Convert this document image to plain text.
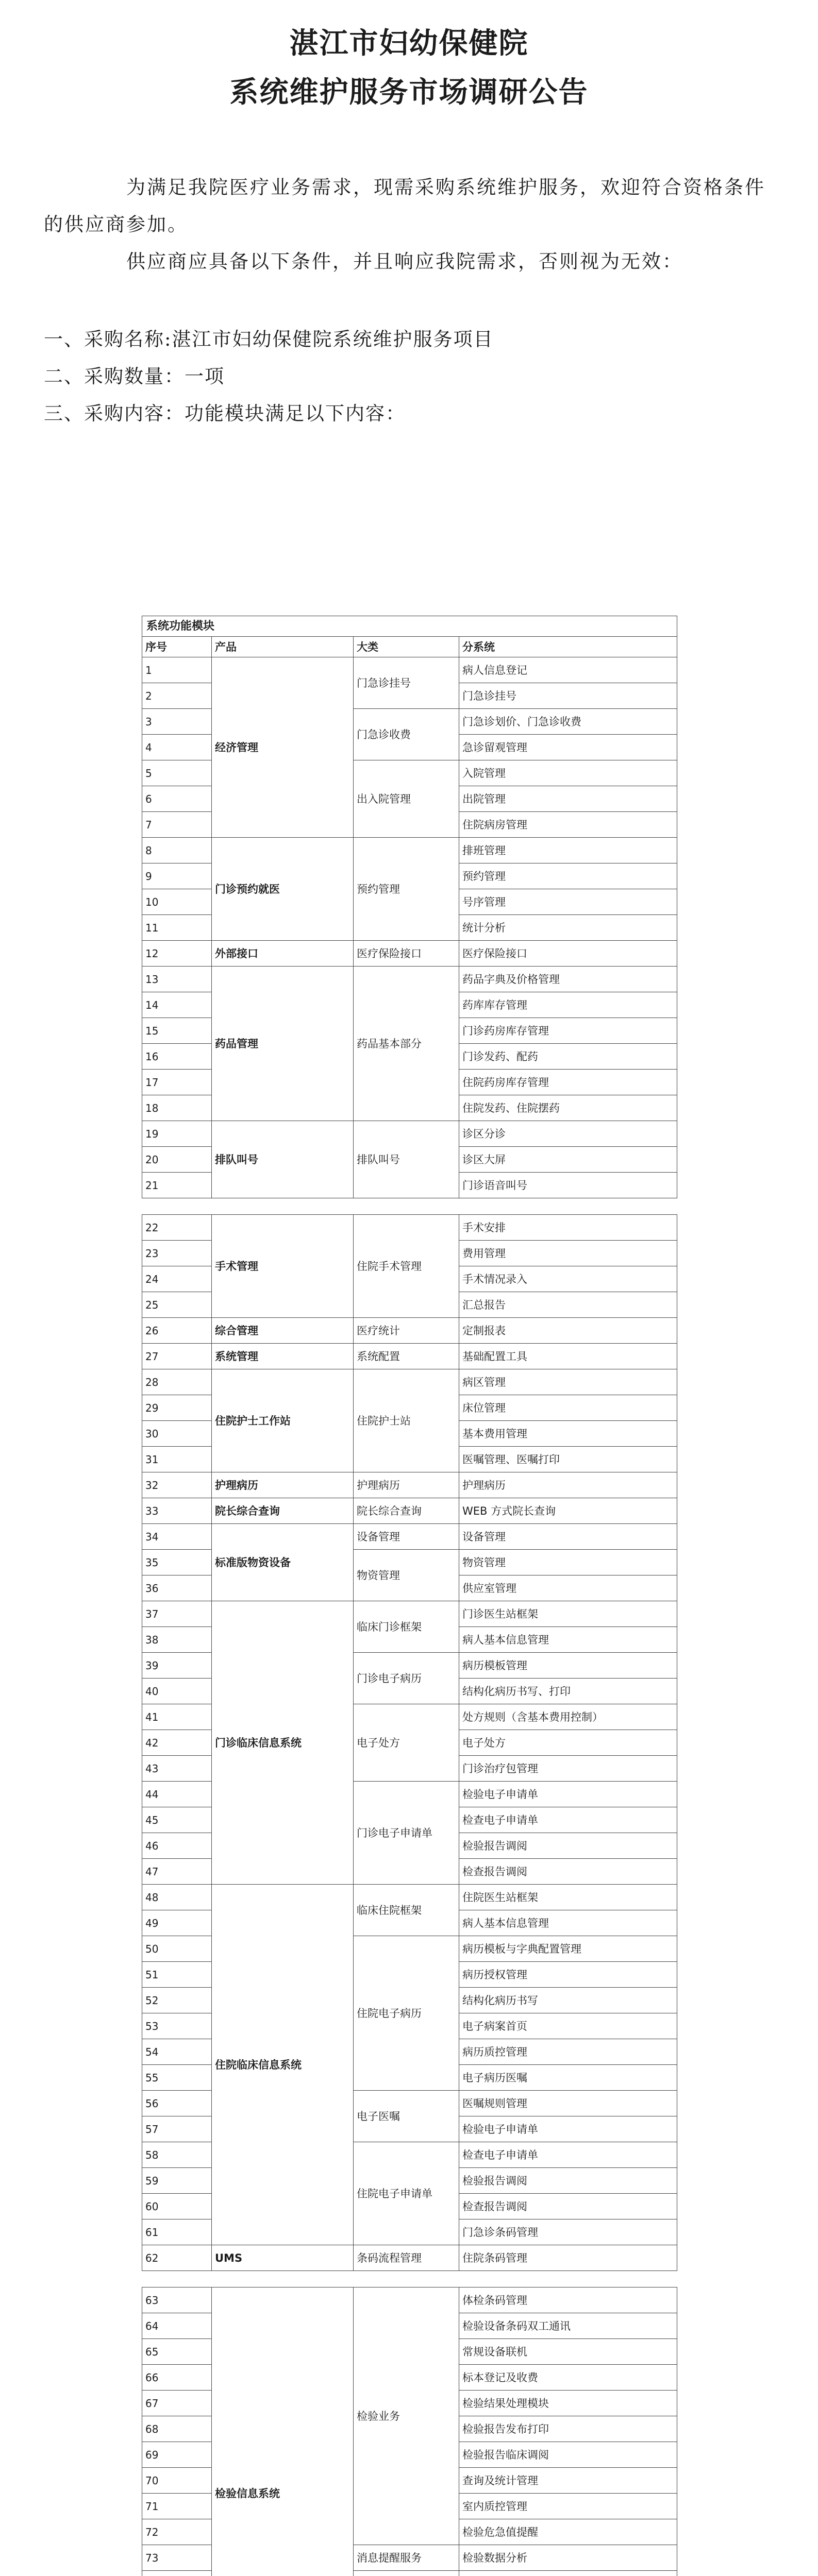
湛江市妇幼保健院
系统维护服务市场调研公告

为满足我院医疗业务需求，现需采购系统维护服务，欢迎符合资格条件的供应商参加。

供应商应具备以下条件，并且响应我院需求，否则视为无效：

一、采购名称:湛江市妇幼保健院系统维护服务项目
二、采购数量：一项
三、采购内容：功能模块满足以下内容：
系统功能模块			
序号	产品	大类	分系统
1	经济管理	门急诊挂号	病人信息登记
2			门急诊挂号
3		门急诊收费	门急诊划价、门急诊收费
4			急诊留观管理
5		出入院管理	入院管理
6			出院管理
7			住院病房管理
8	门诊预约就医	预约管理	排班管理
9			预约管理
10			号序管理
11			统计分析
12	外部接口	医疗保险接口	医疗保险接口
13	药品管理	药品基本部分	药品字典及价格管理
14			药库库存管理
15			门诊药房库存管理
16			门诊发药、配药
17			住院药房库存管理
18			住院发药、住院摆药
19	排队叫号	排队叫号	诊区分诊
20			诊区大屏
21			门诊语音叫号

22	手术管理	住院手术管理	手术安排
23			费用管理
24			手术情况录入
25			汇总报告
26	综合管理	医疗统计	定制报表
27	系统管理	系统配置	基础配置工具
28	住院护士工作站	住院护士站	病区管理
29			床位管理
30			基本费用管理
31			医嘱管理、医嘱打印
32	护理病历	护理病历	护理病历
33	院长综合查询	院长综合查询	WEB 方式院长查询
34	标准版物资设备	设备管理	设备管理
35		物资管理	物资管理
36			供应室管理
37	门诊临床信息系统	临床门诊框架	门诊医生站框架
38			病人基本信息管理
39		门诊电子病历	病历模板管理
40			结构化病历书写、打印
41		电子处方	处方规则（含基本费用控制）
42			电子处方
43			门诊治疗包管理
44		门诊电子申请单	检验电子申请单
45			检查电子申请单
46			检验报告调阅
47			检查报告调阅
48	住院临床信息系统	临床住院框架	住院医生站框架
49			病人基本信息管理
50		住院电子病历	病历模板与字典配置管理
51			病历授权管理
52			结构化病历书写
53			电子病案首页
54			病历质控管理
55			电子病历医嘱
56		电子医嘱	医嘱规则管理
57			检验电子申请单
58		住院电子申请单	检查电子申请单
59			检验报告调阅
60			检查报告调阅
61			门急诊条码管理
62	UMS	条码流程管理	住院条码管理

63	检验信息系统	检验业务	体检条码管理
64			检验设备条码双工通讯
65			常规设备联机
66			标本登记及收费
67			检验结果处理模块
68			检验报告发布打印
69			检验报告临床调阅
70			查询及统计管理
71			室内质控管理
72			检验危急值提醒
73		消息提醒服务	检验数据分析
